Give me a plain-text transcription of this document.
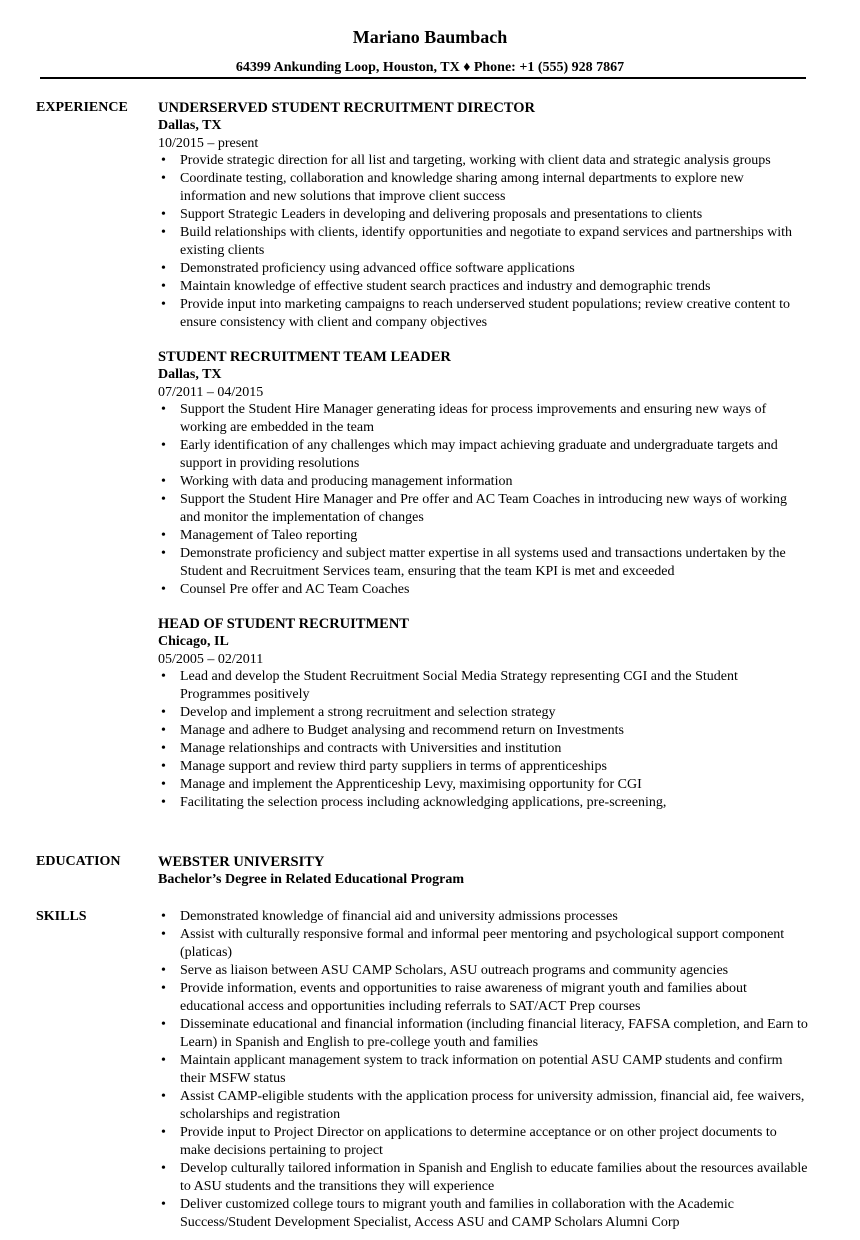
Mariano Baumbach
64399 Ankunding Loop, Houston, TX ♦ Phone: +1 (555) 928 7867
EXPERIENCE	UNDERSERVED STUDENT RECRUITMENT DIRECTOR
Dallas, TX
10/2015 – present
• Provide strategic direction for all list and targeting, working with client data and strategic analysis groups
• Coordinate testing, collaboration and knowledge sharing among internal departments to explore new information and new solutions that improve client success
• Support Strategic Leaders in developing and delivering proposals and presentations to clients
• Build relationships with clients, identify opportunities and negotiate to expand services and partnerships with existing clients
• Demonstrated proficiency using advanced office software applications
• Maintain knowledge of effective student search practices and industry and demographic trends
• Provide input into marketing campaigns to reach underserved student populations; review creative content to ensure consistency with client and company objectives
STUDENT RECRUITMENT TEAM LEADER
Dallas, TX
07/2011 – 04/2015
• Support the Student Hire Manager generating ideas for process improvements and ensuring new ways of working are embedded in the team
• Early identification of any challenges which may impact achieving graduate and undergraduate targets and support in providing resolutions
• Working with data and producing management information
• Support the Student Hire Manager and Pre offer and AC Team Coaches in introducing new ways of working and monitor the implementation of changes
• Management of Taleo reporting
• Demonstrate proficiency and subject matter expertise in all systems used and transactions undertaken by the Student and Recruitment Services team, ensuring that the team KPI is met and exceeded
• Counsel Pre offer and AC Team Coaches
HEAD OF STUDENT RECRUITMENT
Chicago, IL
05/2005 – 02/2011
• Lead and develop the Student Recruitment Social Media Strategy representing CGI and the Student Programmes positively
• Develop and implement a strong recruitment and selection strategy
• Manage and adhere to Budget analysing and recommend return on Investments
• Manage relationships and contracts with Universities and institution
• Manage support and review third party suppliers in terms of apprenticeships
• Manage and implement the Apprenticeship Levy, maximising opportunity for CGI
• Facilitating the selection process including acknowledging applications, pre-screening,
EDUCATION	WEBSTER UNIVERSITY
Bachelor’s Degree in Related Educational Program
SKILLS
•	Demonstrated knowledge of financial aid and university admissions processes
• Assist with culturally responsive formal and informal peer mentoring and psychological support component (platicas)
• Serve as liaison between ASU CAMP Scholars, ASU outreach programs and community agencies
• Provide information, events and opportunities to raise awareness of migrant youth and families about educational access and opportunities including referrals to SAT/ACT Prep courses
• Disseminate educational and financial information (including financial literacy, FAFSA completion, and Earn to Learn) in Spanish and English to pre-college youth and families
• Maintain applicant management system to track information on potential ASU CAMP students and confirm their MSFW status
• Assist CAMP-eligible students with the application process for university admission, financial aid, fee waivers, scholarships and registration
• Provide input to Project Director on applications to determine acceptance or on other project documents to make decisions pertaining to project
• Develop culturally tailored information in Spanish and English to educate families about the resources available to ASU students and the transitions they will experience
• Deliver customized college tours to migrant youth and families in collaboration with the Academic Success/Student Development Specialist, Access ASU and CAMP Scholars Alumni Corp
